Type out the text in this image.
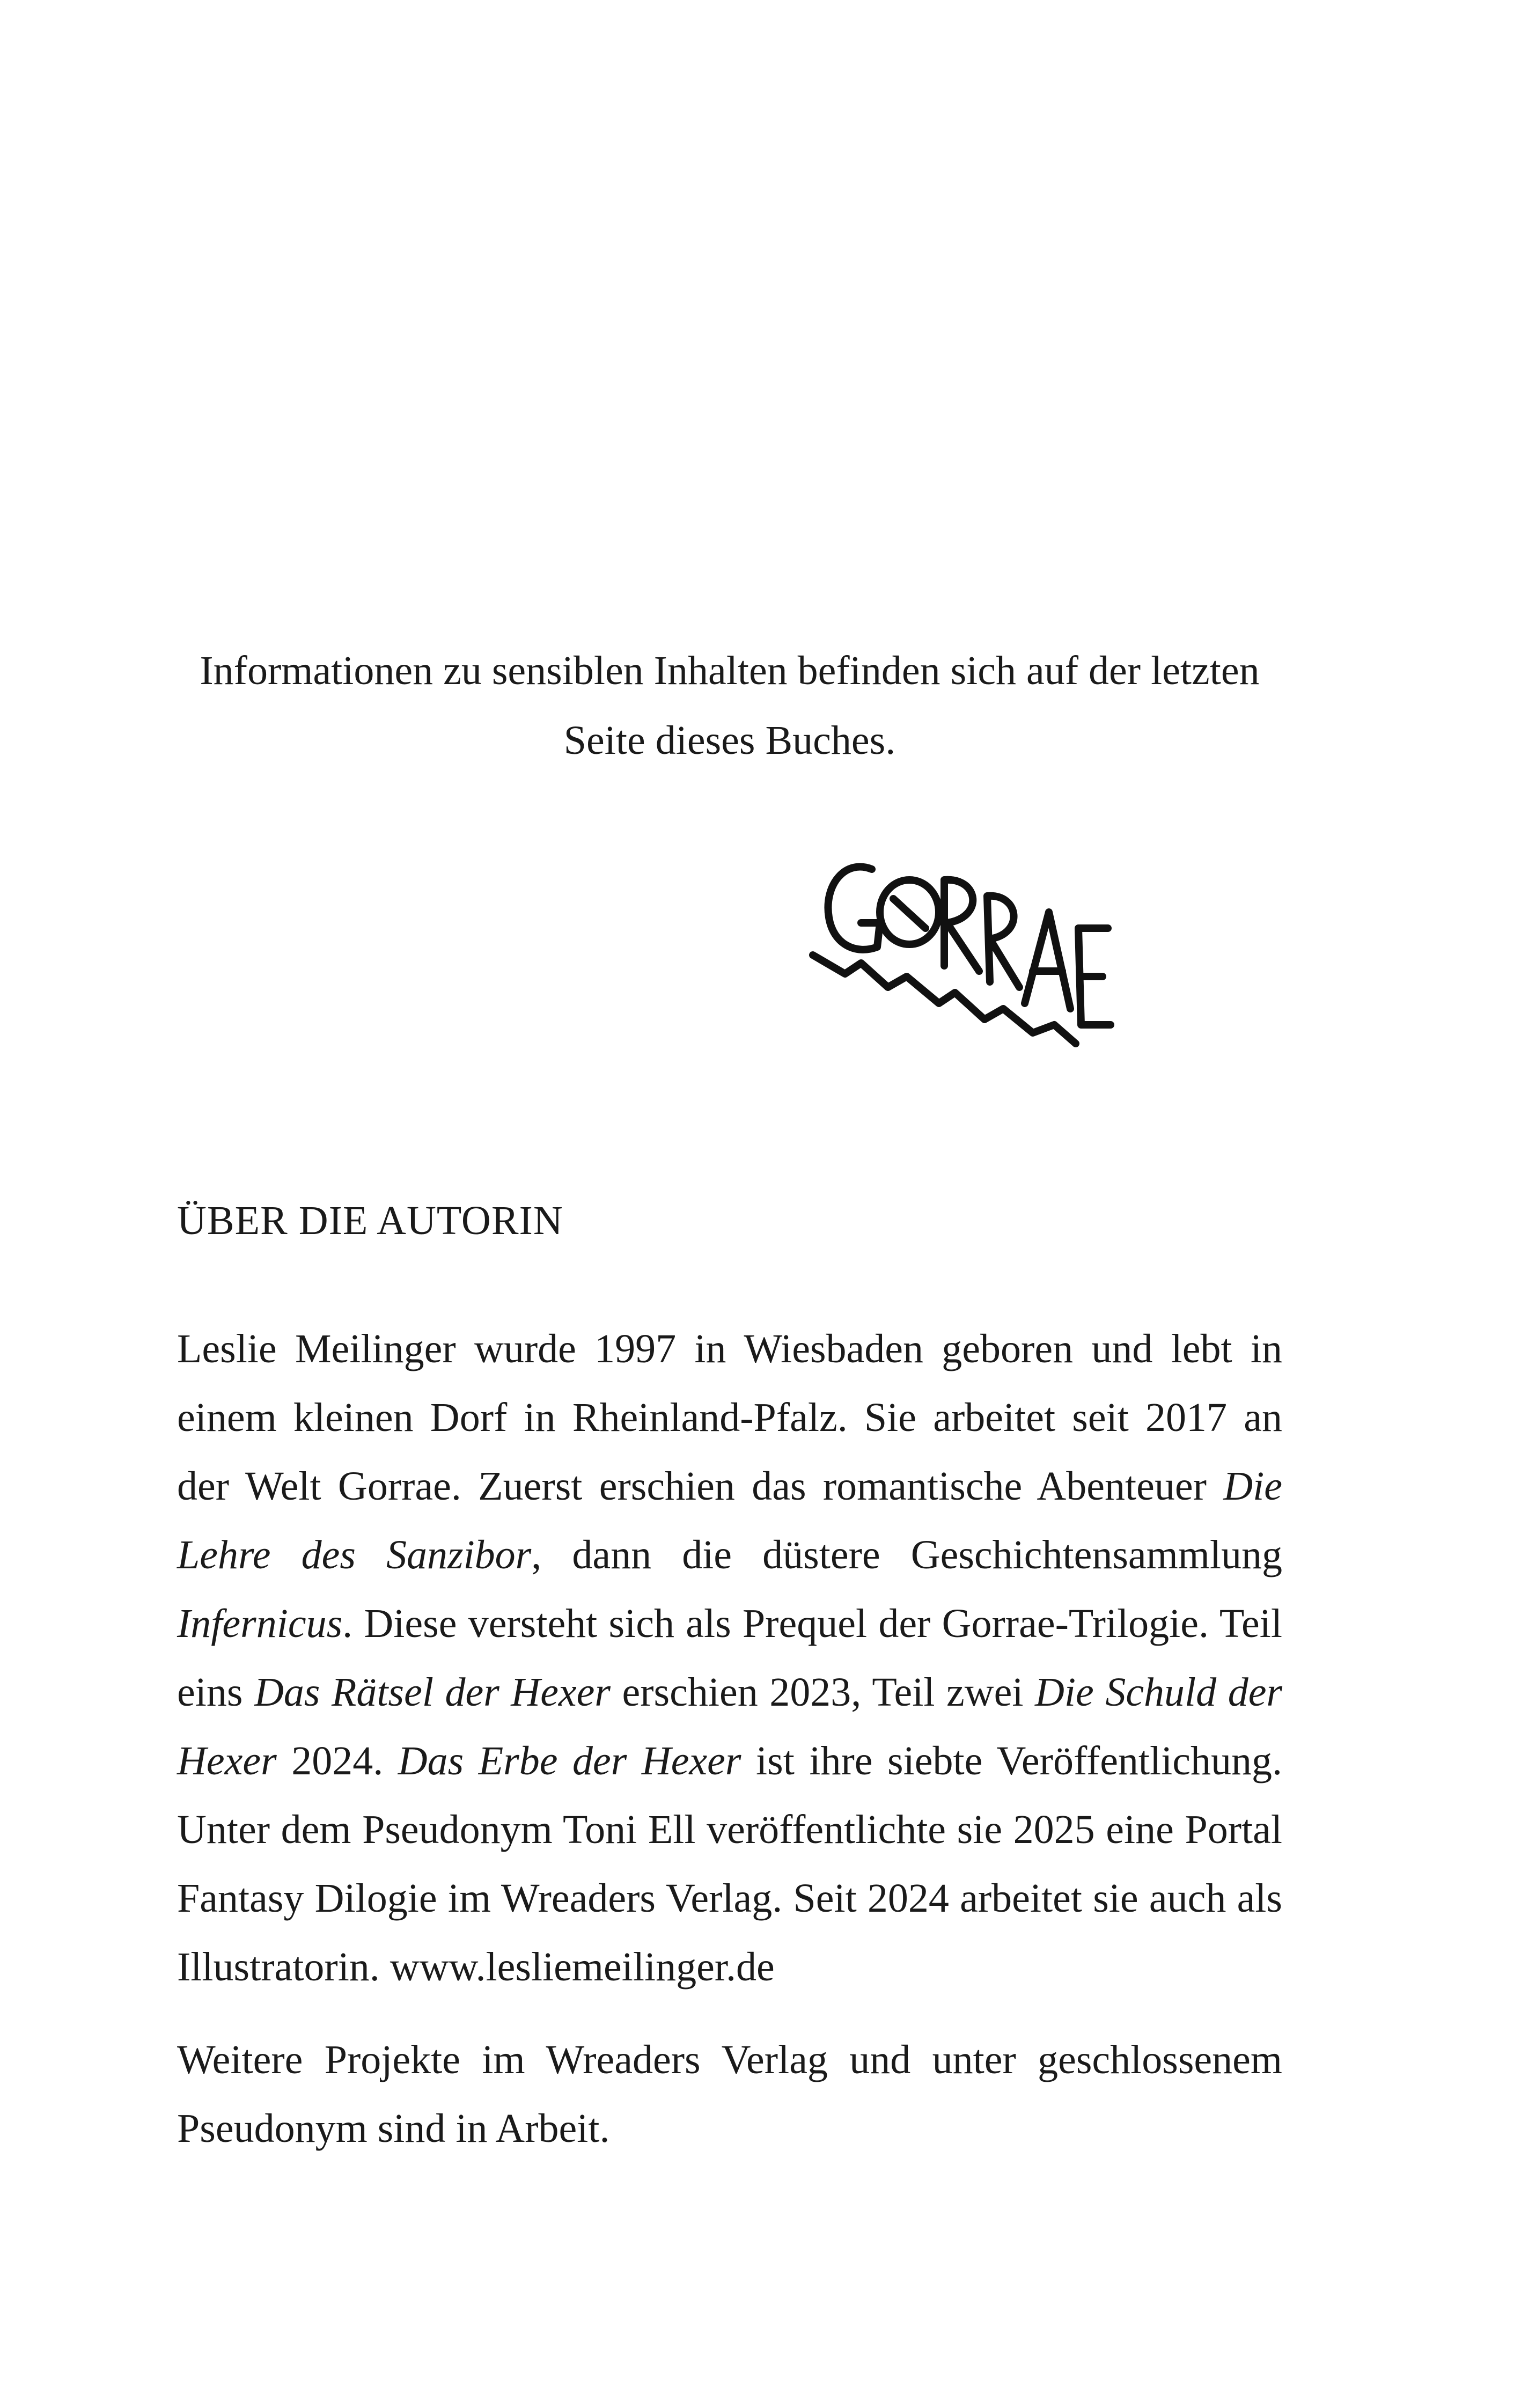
Informationen zu sensiblen Inhalten befinden sich auf der letzten
Seite dieses Buches.
ÜBER DIE AUTORIN

Leslie Meilinger wurde 1997 in Wiesbaden geboren und lebt in einem kleinen Dorf in Rheinland-Pfalz. Sie arbeitet seit 2017 an der Welt Gorrae. Zuerst erschien das romantische Abenteuer Die Lehre des Sanzibor, dann die düstere Geschichtensammlung Infernicus. Diese versteht sich als Prequel der Gorrae-Trilogie. Teil eins Das Rätsel der Hexer erschien 2023, Teil zwei Die Schuld der Hexer 2024. Das Erbe der Hexer ist ihre siebte Veröffentlichung. Unter dem Pseudonym Toni Ell veröffentlichte sie 2025 eine Portal Fantasy Dilogie im Wreaders Verlag. Seit 2024 arbeitet sie auch als Illustratorin. www.lesliemeilinger.de

Weitere Projekte im Wreaders Verlag und unter geschlossenem Pseudonym sind in Arbeit.
